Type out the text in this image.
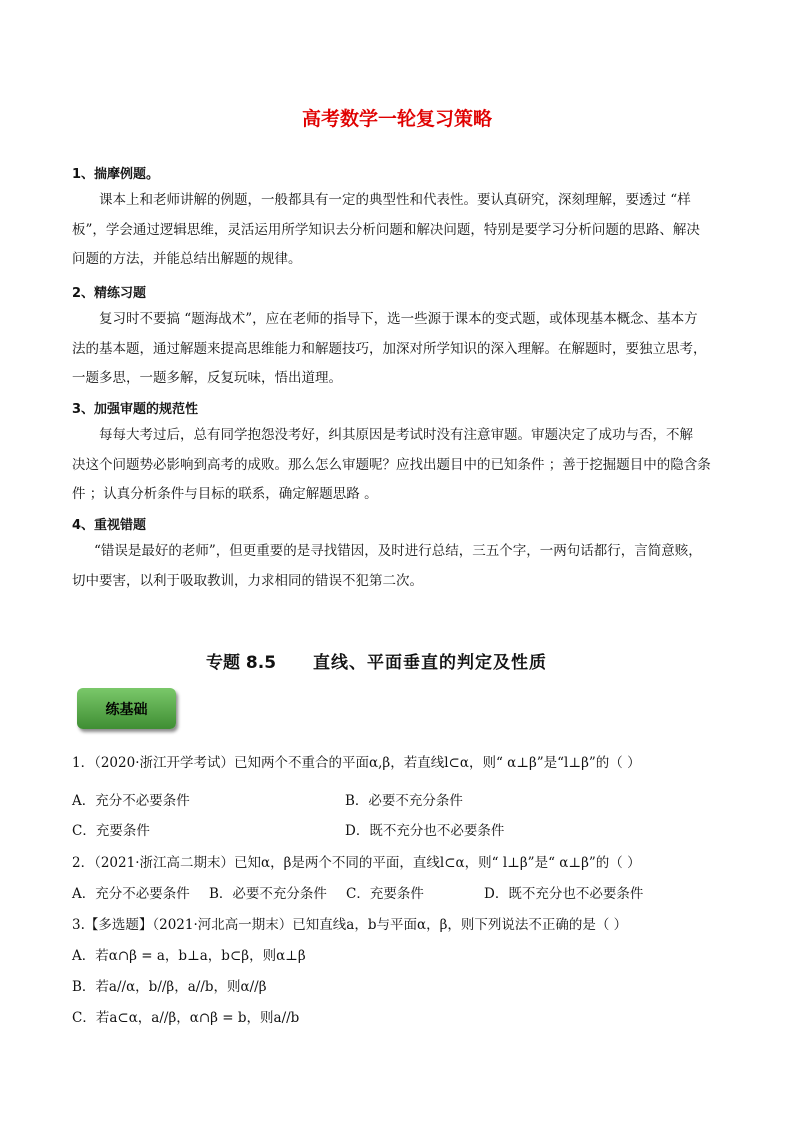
高考数学一轮复习策略
1、揣摩例题。
课本上和老师讲解的例题，一般都具有一定的典型性和代表性。要认真研究，深刻理解，要透过 “样
板”，学会通过逻辑思维，灵活运用所学知识去分析问题和解决问题，特别是要学习分析问题的思路、解决
问题的方法，并能总结出解题的规律。
2、精练习题
复习时不要搞 “题海战术”，应在老师的指导下，选一些源于课本的变式题，或体现基本概念、基本方
法的基本题，通过解题来提高思维能力和解题技巧，加深对所学知识的深入理解。在解题时，要独立思考，
一题多思，一题多解，反复玩味，悟出道理。
3、加强审题的规范性
每每大考过后，总有同学抱怨没考好，纠其原因是考试时没有注意审题。审题决定了成功与否，不解
决这个问题势必影响到高考的成败。那么怎么审题呢？应找出题目中的已知条件 ；善于挖掘题目中的隐含条
件 ；认真分析条件与目标的联系，确定解题思路 。
4、重视错题
“错误是最好的老师”，但更重要的是寻找错因，及时进行总结，三五个字，一两句话都行，言简意赅，
切中要害，以利于吸取教训，力求相同的错误不犯第二次。
专题 8.5 直线、平面垂直的判定及性质
练基础
1．（2020·浙江开学考试）已知两个不重合的平面α,β，若直线l⊂α，则“ α⊥β”是“l⊥β”的（ ）
A．充分不必要条件	B．必要不充分条件
C．充要条件	D．既不充分也不必要条件
2．（2021·浙江高二期末）已知α，β是两个不同的平面，直线l⊂α，则“ l⊥β”是“ α⊥β”的（ ）
A．充分不必要条件 B．必要不充分条件 C．充要条件	D．既不充分也不必要条件
3.【多选题】（2021·河北高一期末）已知直线a，b与平面α，β，则下列说法不正确的是（ ）
A．若α∩β = a，b⊥a，b⊂β，则α⊥β
B．若a//α，b//β，a//b，则α//β
C．若a⊂α，a//β，α∩β = b，则a//b
